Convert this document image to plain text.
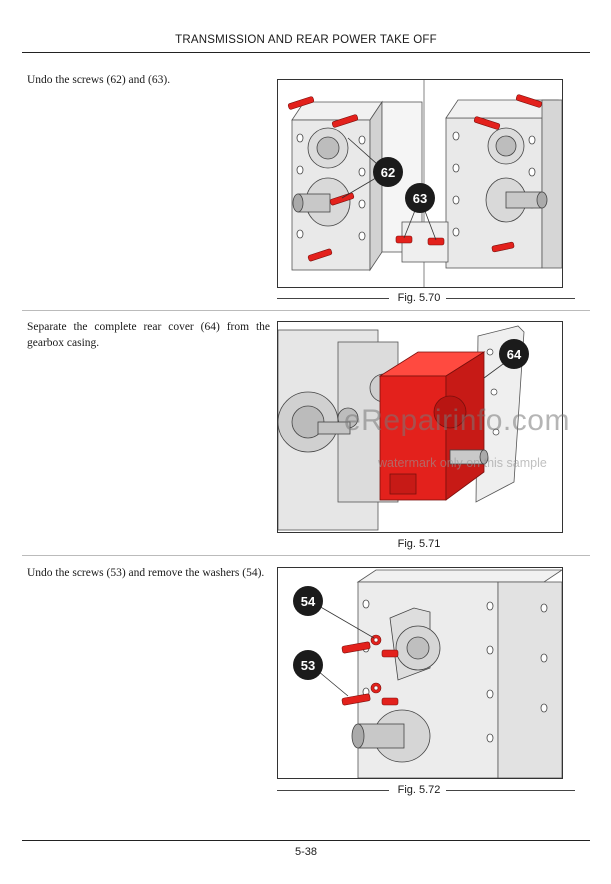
TRANSMISSION AND REAR POWER TAKE OFF
Undo the screws (62) and (63).
62
63
Fig. 5.70
Separate the complete rear cover (64) from the gearbox casing.
64
eRepairinfo.com
watermark only on this sample
Fig. 5.71
Undo the screws (53) and remove the washers (54).
54
53
Fig. 5.72
5-38
